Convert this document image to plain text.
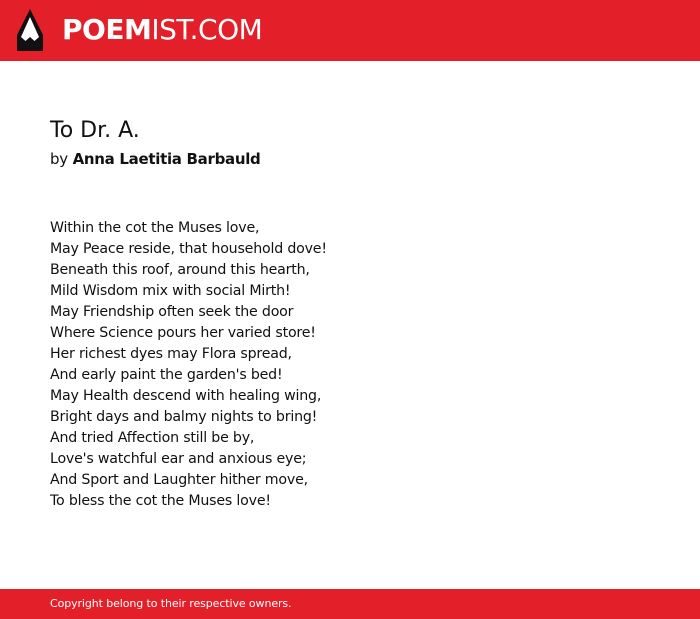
POEMIST.COM
To Dr. A.
by Anna Laetitia Barbauld
Within the cot the Muses love,
May Peace reside, that household dove!
Beneath this roof, around this hearth,
Mild Wisdom mix with social Mirth!
May Friendship often seek the door
Where Science pours her varied store!
Her richest dyes may Flora spread,
And early paint the garden's bed!
May Health descend with healing wing,
Bright days and balmy nights to bring!
And tried Affection still be by,
Love's watchful ear and anxious eye;
And Sport and Laughter hither move,
To bless the cot the Muses love!
Copyright belong to their respective owners.
